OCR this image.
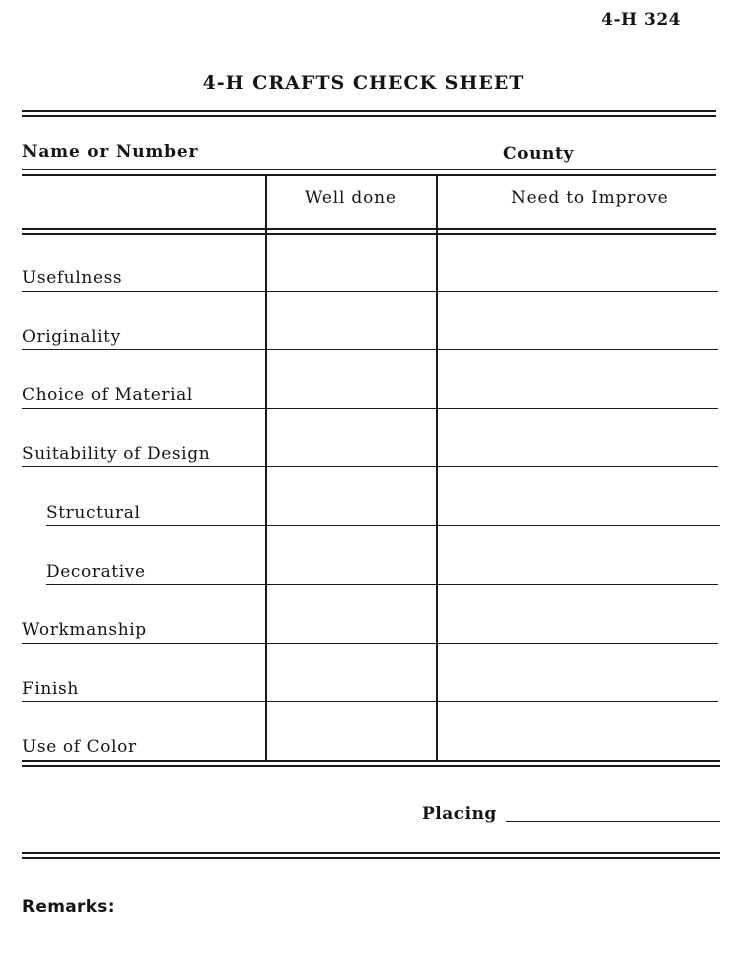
4-H 324
4-H CRAFTS CHECK SHEET
Name or Number	County
Well done	Need to Improve
Usefulness
Originality
Choice of Material
Suitability of Design
Structural
Decorative
Workmanship
Finish
Use of Color
Placing
Remarks:
